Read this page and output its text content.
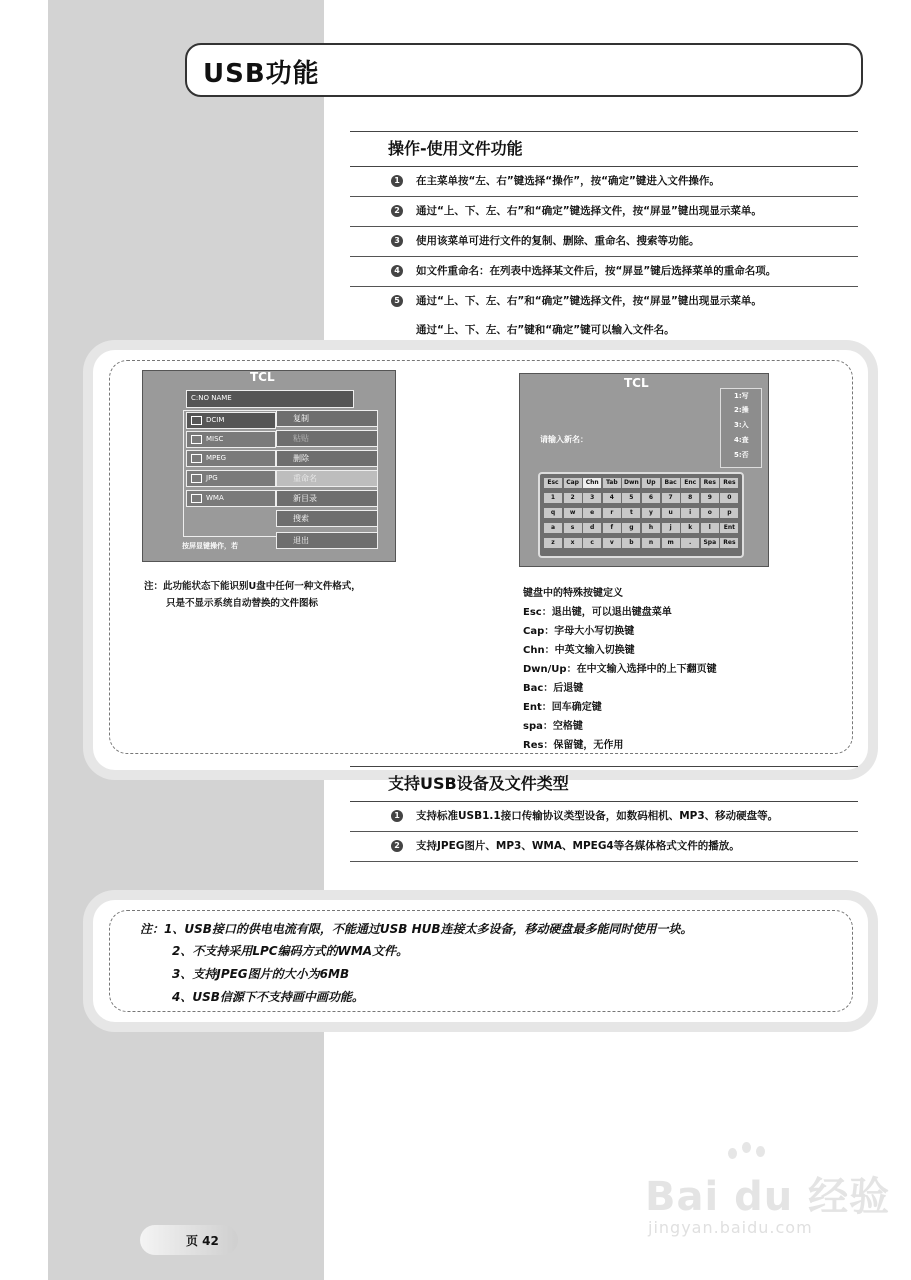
USB功能
操作-使用文件功能
1	在主菜单按“左、右”键选择“操作”，按“确定”键进入文件操作。
2	通过“上、下、左、右”和“确定”键选择文件，按“屏显”键出现显示菜单。
3	使用该菜单可进行文件的复制、删除、重命名、搜索等功能。
4	如文件重命名：在列表中选择某文件后，按“屏显”键后选择菜单的重命名项。
5	通过“上、下、左、右”和“确定”键选择文件，按“屏显”键出现显示菜单。
通过“上、下、左、右”键和“确定”键可以输入文件名。
TCL
C:NO NAME
DCIM
MISC
MPEG
JPG
WMA
复制
粘贴
删除
重命名
新目录
搜索
退出
按屏显键操作，若
TCL
请输入新名：
1:写
2:操
3:入
4:查
5:否
Esc	Cap	Chn	Tab	Dwn	Up	Bac	Enc	Res	Res
1	2	3	4	5	6	7	8	9	0
q	w	e	r	t	y	u	i	o	p
a	s	d	f	g	h	j	k	l	Ent
z	x	c	v	b	n	m	.	Spa	Res
注：此功能状态下能识别U盘中任何一种文件格式，
只是不显示系统自动替换的文件图标
键盘中的特殊按键定义
Esc：退出键，可以退出键盘菜单
Cap：字母大小写切换键
Chn：中英文输入切换键
Dwn/Up：在中文输入选择中的上下翻页键
Bac：后退键
Ent：回车确定键
spa：空格键
Res：保留键，无作用
支持USB设备及文件类型
1	支持标准USB1.1接口传输协议类型设备，如数码相机、MP3、移动硬盘等。
2	支持JPEG图片、MP3、WMA、MPEG4等各媒体格式文件的播放。
注：1、USB接口的供电电流有限，不能通过USB HUB连接太多设备，移动硬盘最多能同时使用一块。
2、不支持采用LPC编码方式的WMA文件。
3、支持JPEG图片的大小为6MB
4、USB信源下不支持画中画功能。
页 42
Bai du 经验
jingyan.baidu.com
